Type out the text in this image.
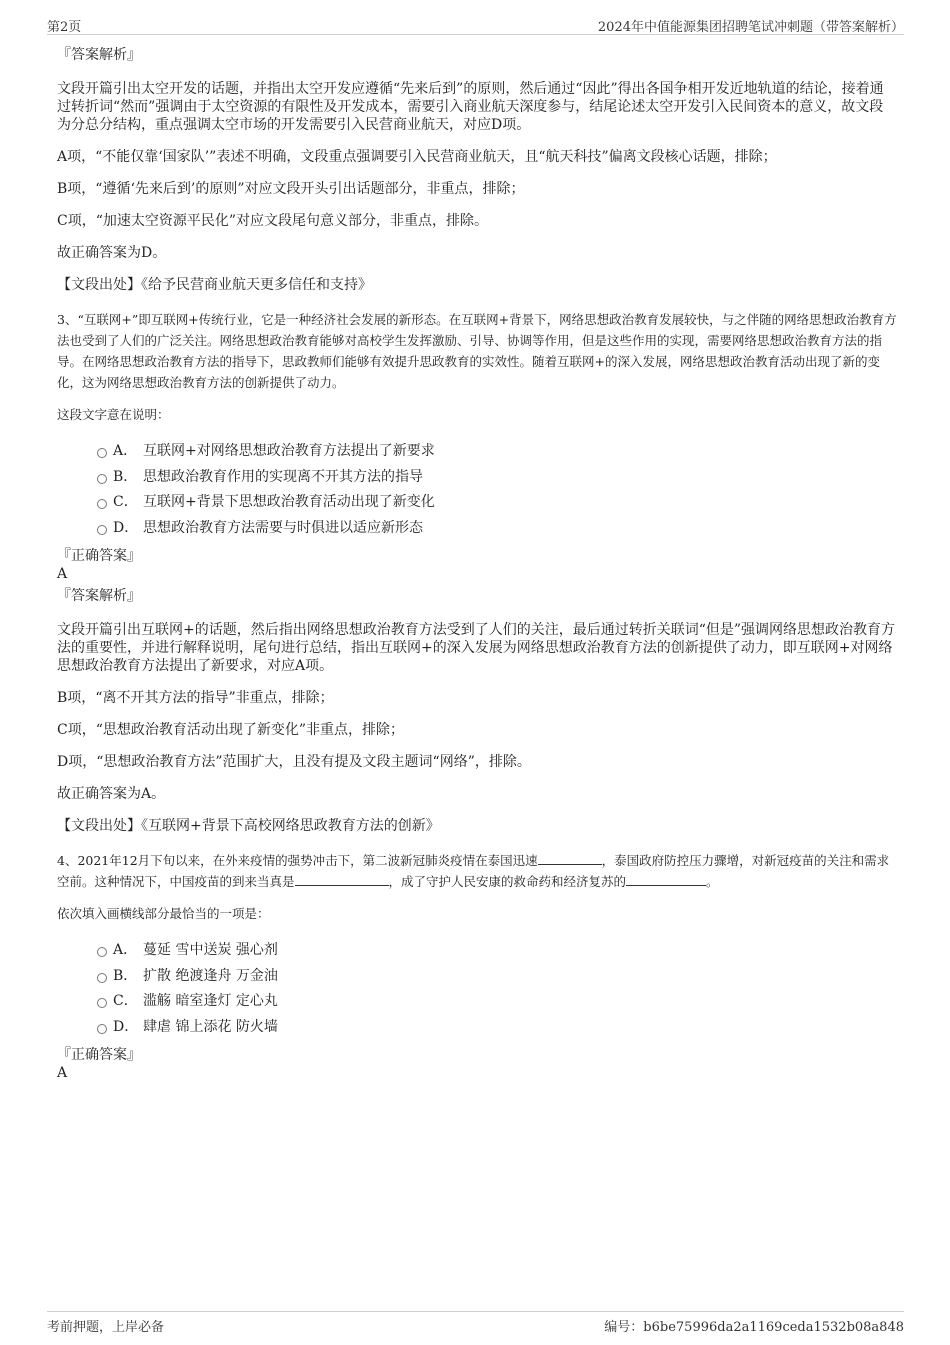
第2页	2024年中值能源集团招聘笔试冲刺题（带答案解析）

『答案解析』

文段开篇引出太空开发的话题，并指出太空开发应遵循“先来后到”的原则，然后通过“因此”得出各国争相开发近地轨道的结论，接着通过转折词“然而”强调由于太空资源的有限性及开发成本，需要引入商业航天深度参与，结尾论述太空开发引入民间资本的意义，故文段为分总分结构，重点强调太空市场的开发需要引入民营商业航天，对应D项。

A项，“不能仅靠‘国家队’”表述不明确，文段重点强调要引入民营商业航天，且“航天科技”偏离文段核心话题，排除；

B项，“遵循‘先来后到’的原则”对应文段开头引出话题部分，非重点，排除；

C项，“加速太空资源平民化”对应文段尾句意义部分，非重点，排除。

故正确答案为D。

【文段出处】《给予民营商业航天更多信任和支持》

3、“互联网+”即互联网+传统行业，它是一种经济社会发展的新形态。在互联网+背景下，网络思想政治教育发展较快，与之伴随的网络思想政治教育方法也受到了人们的广泛关注。网络思想政治教育能够对高校学生发挥激励、引导、协调等作用，但是这些作用的实现，需要网络思想政治教育方法的指导。在网络思想政治教育方法的指导下，思政教师们能够有效提升思政教育的实效性。随着互联网+的深入发展，网络思想政治教育活动出现了新的变化，这为网络思想政治教育方法的创新提供了动力。

这段文字意在说明：

A． 互联网+对网络思想政治教育方法提出了新要求
B． 思想政治教育作用的实现离不开其方法的指导
C． 互联网+背景下思想政治教育活动出现了新变化
D． 思想政治教育方法需要与时俱进以适应新形态

『正确答案』

A

『答案解析』

文段开篇引出互联网+的话题，然后指出网络思想政治教育方法受到了人们的关注，最后通过转折关联词“但是”强调网络思想政治教育方法的重要性，并进行解释说明，尾句进行总结，指出互联网+的深入发展为网络思想政治教育方法的创新提供了动力，即互联网+对网络思想政治教育方法提出了新要求，对应A项。

B项，“离不开其方法的指导”非重点，排除；

C项，“思想政治教育活动出现了新变化”非重点，排除；

D项，“思想政治教育方法”范围扩大，且没有提及文段主题词“网络”，排除。

故正确答案为A。

【文段出处】《互联网+背景下高校网络思政教育方法的创新》

4、2021年12月下旬以来，在外来疫情的强势冲击下，第二波新冠肺炎疫情在泰国迅速	，泰国政府防控压力骤增，对新冠疫苗的关注和需求空前。这种情况下，中国疫苗的到来当真是	，成了守护人民安康的救命药和经济复苏的	。

依次填入画横线部分最恰当的一项是：

A． 蔓延 雪中送炭 强心剂
B． 扩散 绝渡逢舟 万金油
C． 滥觞 暗室逢灯 定心丸
D． 肆虐 锦上添花 防火墙

『正确答案』

A

考前押题，上岸必备	编号：b6be75996da2a1169ceda1532b08a848
